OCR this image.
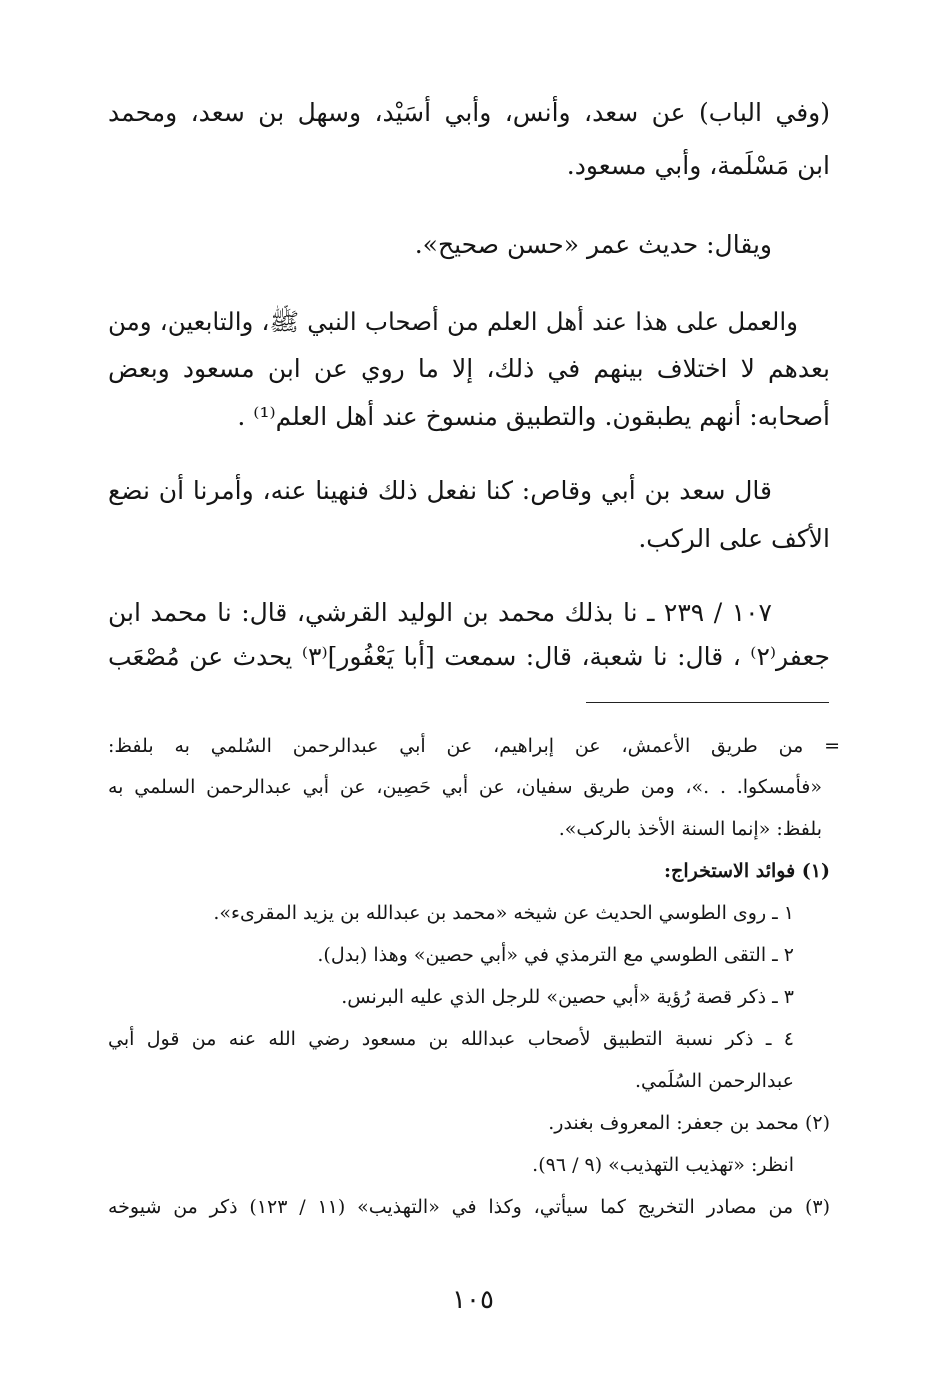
(وفي الباب) عن سعد، وأنس، وأبي أُسَيْد، وسهل بن سعد، ومحمد
ابن مَسْلَمة، وأبي مسعود.
ويقال: حديث عمر «حسن صحيح».
والعمل على هذا عند أهل العلم من أصحاب النبي ﷺ، والتابعين، ومن
بعدهم لا اختلاف بينهم في ذلك، إلا ما روي عن ابن مسعود وبعض
أصحابه: أنهم يطبقون. والتطبيق منسوخ عند أهل العلم⁽¹⁾ .
قال سعد بن أبي وقاص: كنا نفعل ذلك فنهينا عنه، وأمرنا أن نضع
الأكف على الركب.
١٠٧ / ٢٣٩ ـ نا بذلك محمد بن الوليد القرشي، قال: نا محمد ابن
جعفر⁽٢⁾ ، قال: نا شعبة، قال: سمعت [أبا يَعْفُور]⁽٣⁾ يحدث عن مُصْعَب
= من طريق الأعمش، عن إبراهيم، عن أبي عبدالرحمن السُلمي به بلفظ:
«فأمسكوا. . .»، ومن طريق سفيان، عن أبي حَصِين، عن أبي عبدالرحمن السلمي به
بلفظ: «إنما السنة الأخذ بالركب».
(١) فوائد الاستخراج:
١ ـ روى الطوسي الحديث عن شيخه «محمد بن عبدالله بن يزيد المقرىء».
٢ ـ التقى الطوسي مع الترمذي في «أبي حصين» وهذا (بدل).
٣ ـ ذكر قصة رُؤية «أبي حصين» للرجل الذي عليه البرنس.
٤ ـ ذكر نسبة التطبيق لأصحاب عبدالله بن مسعود رضي الله عنه من قول أبي
عبدالرحمن السُلَمي.
(٢) محمد بن جعفر: المعروف بغندر.
انظر: «تهذيب التهذيب» (٩ / ٩٦).
(٣) من مصادر التخريج كما سيأتي، وكذا في «التهذيب» (١١ / ١٢٣) ذكر من شيوخه
١٠٥
